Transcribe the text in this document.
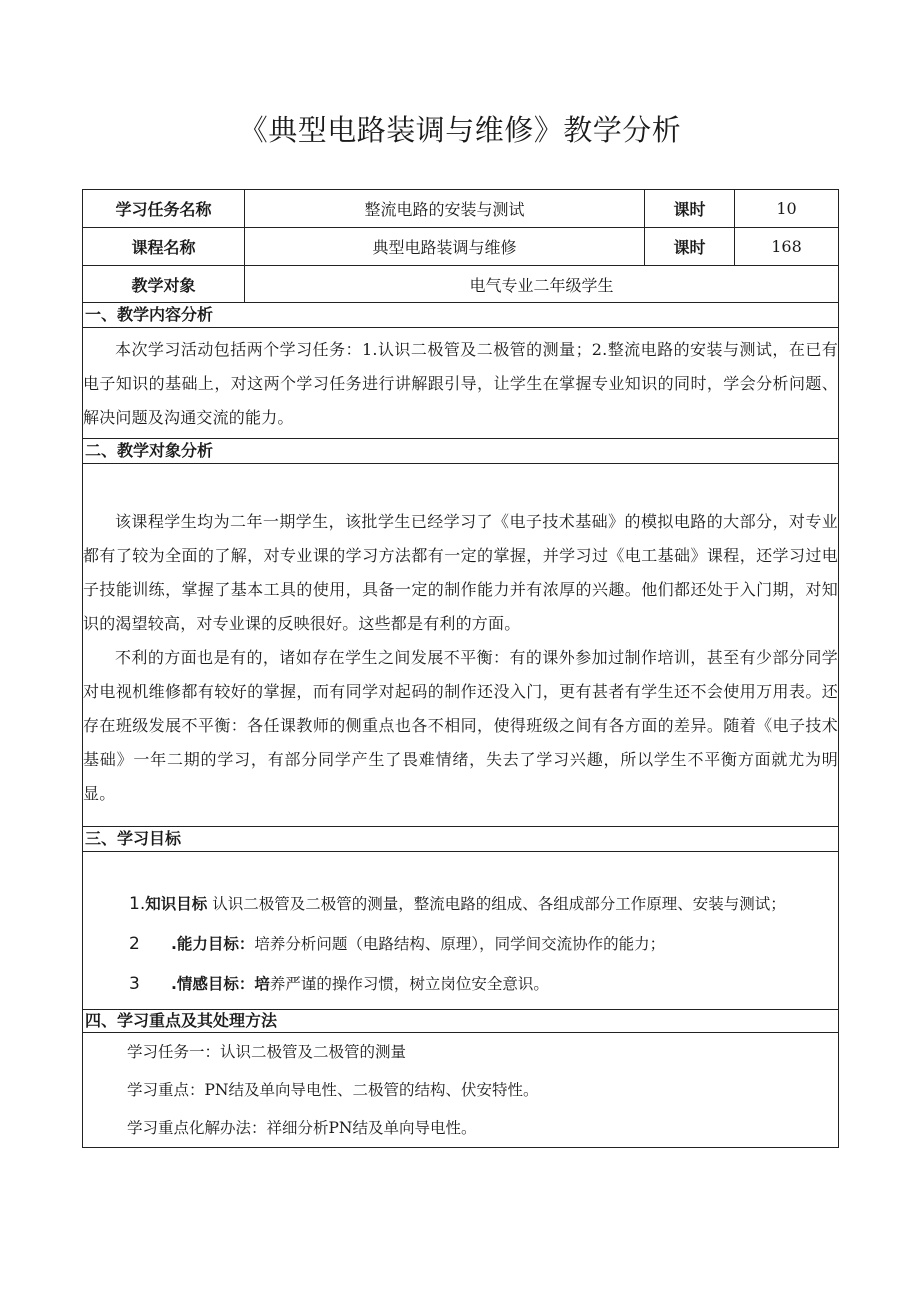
《典型电路装调与维修》教学分析
学习任务名称	整流电路的安装与测试	课时	10
课程名称	典型电路装调与维修	课时	168
教学对象	电气专业二年级学生		
一、教学内容分析			

本次学习活动包括两个学习任务：1.认识二极管及二极管的测量；2.整流电路的安装与测试，在已有电子知识的基础上，对这两个学习任务进行讲解跟引导，让学生在掌握专业知识的同时，学会分析问题、解决问题及沟通交流的能力。			

二、教学对象分析			

该课程学生均为二年一期学生，该批学生已经学习了《电子技术基础》的模拟电路的大部分，对专业都有了较为全面的了解，对专业课的学习方法都有一定的掌握，并学习过《电工基础》课程，还学习过电子技能训练，掌握了基本工具的使用，具备一定的制作能力并有浓厚的兴趣。他们都还处于入门期，对知识的渴望较高，对专业课的反映很好。这些都是有利的方面。

不利的方面也是有的，诸如存在学生之间发展不平衡：有的课外参加过制作培训，甚至有少部分同学对电视机维修都有较好的掌握，而有同学对起码的制作还没入门，更有甚者有学生还不会使用万用表。还存在班级发展不平衡：各任课教师的侧重点也各不相同，使得班级之间有各方面的差异。随着《电子技术基础》一年二期的学习，有部分同学产生了畏难情绪，失去了学习兴趣，所以学生不平衡方面就尤为明显。			

三、学习目标			

1.知识目标 认识二极管及二极管的测量，整流电路的组成、各组成部分工作原理、安装与测试；

2 .能力目标：培养分析问题（电路结构、原理），同学间交流协作的能力；

3 .情感目标：培养严谨的操作习惯，树立岗位安全意识。			

四、学习重点及其处理方法			

学习任务一：认识二极管及二极管的测量

学习重点：PN结及单向导电性、二极管的结构、伏安特性。

学习重点化解办法：祥细分析PN结及单向导电性。			
